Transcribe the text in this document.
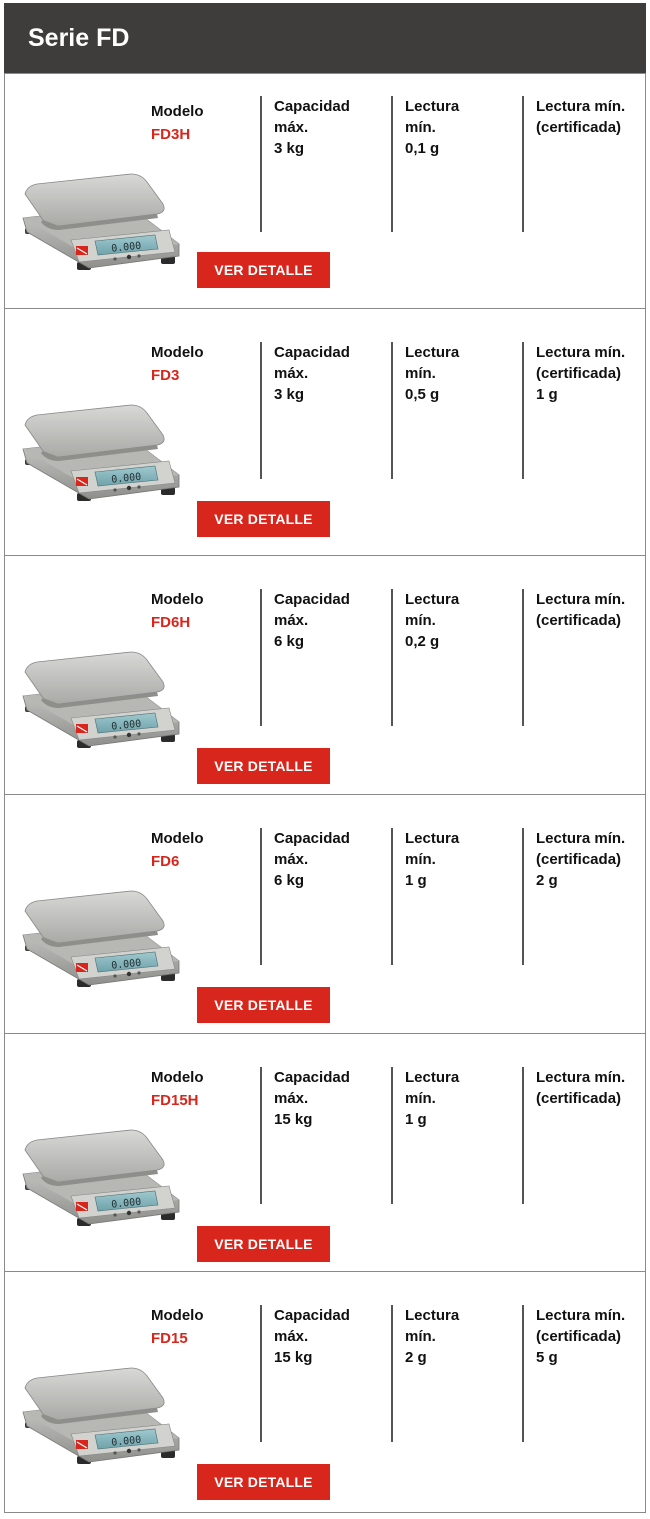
Serie FD
0.000
Modelo
FD3H
Capacidad máx.
3 kg
Lectura mín.
0,1 g
Lectura mín. (certificada)
VER DETALLE
0.000
Modelo
FD3
Capacidad máx.
3 kg
Lectura mín.
0,5 g
Lectura mín. (certificada)
1 g
VER DETALLE
0.000
Modelo
FD6H
Capacidad máx.
6 kg
Lectura mín.
0,2 g
Lectura mín. (certificada)
VER DETALLE
0.000
Modelo
FD6
Capacidad máx.
6 kg
Lectura mín.
1 g
Lectura mín. (certificada)
2 g
VER DETALLE
0.000
Modelo
FD15H
Capacidad máx.
15 kg
Lectura mín.
1 g
Lectura mín. (certificada)
VER DETALLE
0.000
Modelo
FD15
Capacidad máx.
15 kg
Lectura mín.
2 g
Lectura mín. (certificada)
5 g
VER DETALLE
